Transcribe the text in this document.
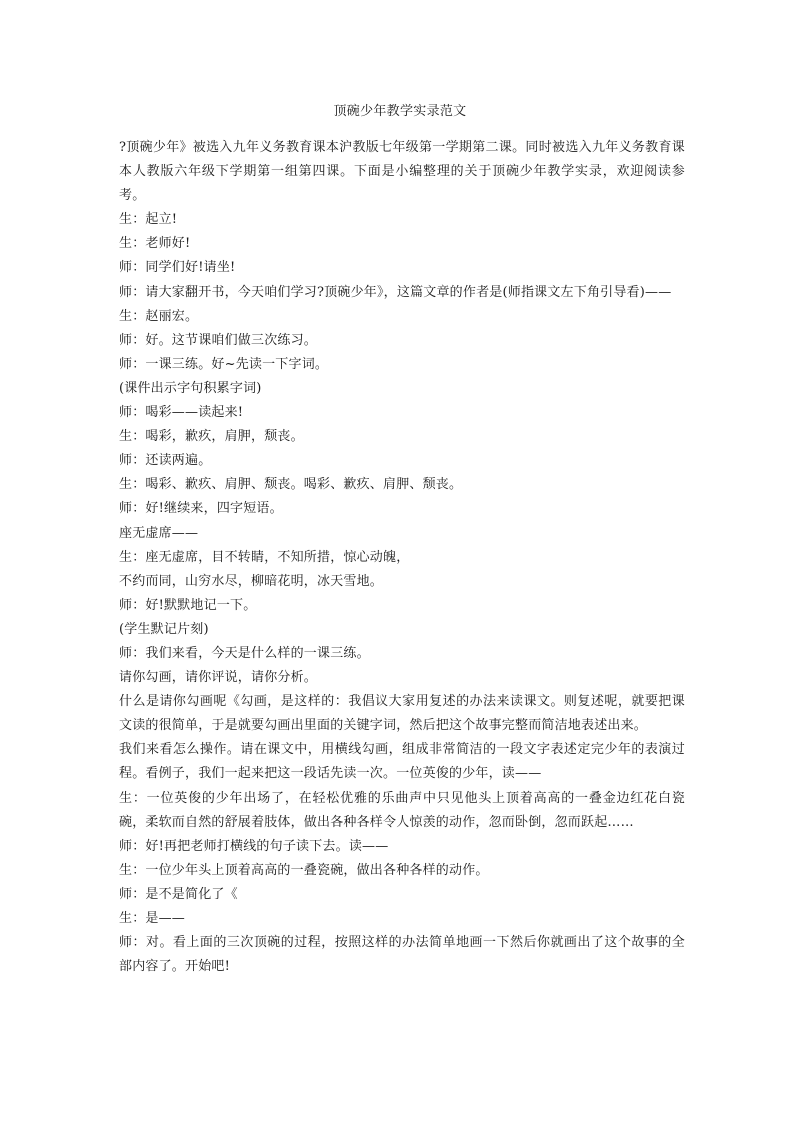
顶碗少年教学实录范文

?顶碗少年》被选入九年义务教育课本沪教版七年级第一学期第二课。同时被选入九年义务教育课本人教版六年级下学期第一组第四课。下面是小编整理的关于顶碗少年教学实录，欢迎阅读参考。

生：起立!

生：老师好!

师：同学们好!请坐!

师：请大家翻开书，今天咱们学习?顶碗少年》，这篇文章的作者是(师指课文左下角引导看)——

生：赵丽宏。

师：好。这节课咱们做三次练习。

师：一课三练。好~先读一下字词。

(课件出示字句积累字词)

师：喝彩——读起来!

生：喝彩，歉疚，肩胛，颓丧。

师：还读两遍。

生：喝彩、歉疚、肩胛、颓丧。喝彩、歉疚、肩胛、颓丧。

师：好!继续来，四字短语。

座无虚席——

生：座无虚席，目不转睛，不知所措，惊心动魄，

不约而同，山穷水尽，柳暗花明，冰天雪地。

师：好!默默地记一下。

(学生默记片刻)

师：我们来看，今天是什么样的一课三练。

请你勾画，请你评说，请你分析。

什么是请你勾画呢《勾画，是这样的：我倡议大家用复述的办法来读课文。则复述呢，就要把课文读的很简单，于是就要勾画出里面的关键字词，然后把这个故事完整而简洁地表述出来。

我们来看怎么操作。请在课文中，用横线勾画，组成非常简洁的一段文字表述定完少年的表演过程。看例子，我们一起来把这一段话先读一次。一位英俊的少年，读——

生：一位英俊的少年出场了，在轻松优雅的乐曲声中只见他头上顶着高高的一叠金边红花白瓷碗，柔软而自然的舒展着肢体，做出各种各样令人惊羡的动作，忽而卧倒，忽而跃起……

师：好!再把老师打横线的句子读下去。读——

生：一位少年头上顶着高高的一叠瓷碗，做出各种各样的动作。

师：是不是简化了《

生：是——

师：对。看上面的三次顶碗的过程，按照这样的办法简单地画一下然后你就画出了这个故事的全部内容了。开始吧!
